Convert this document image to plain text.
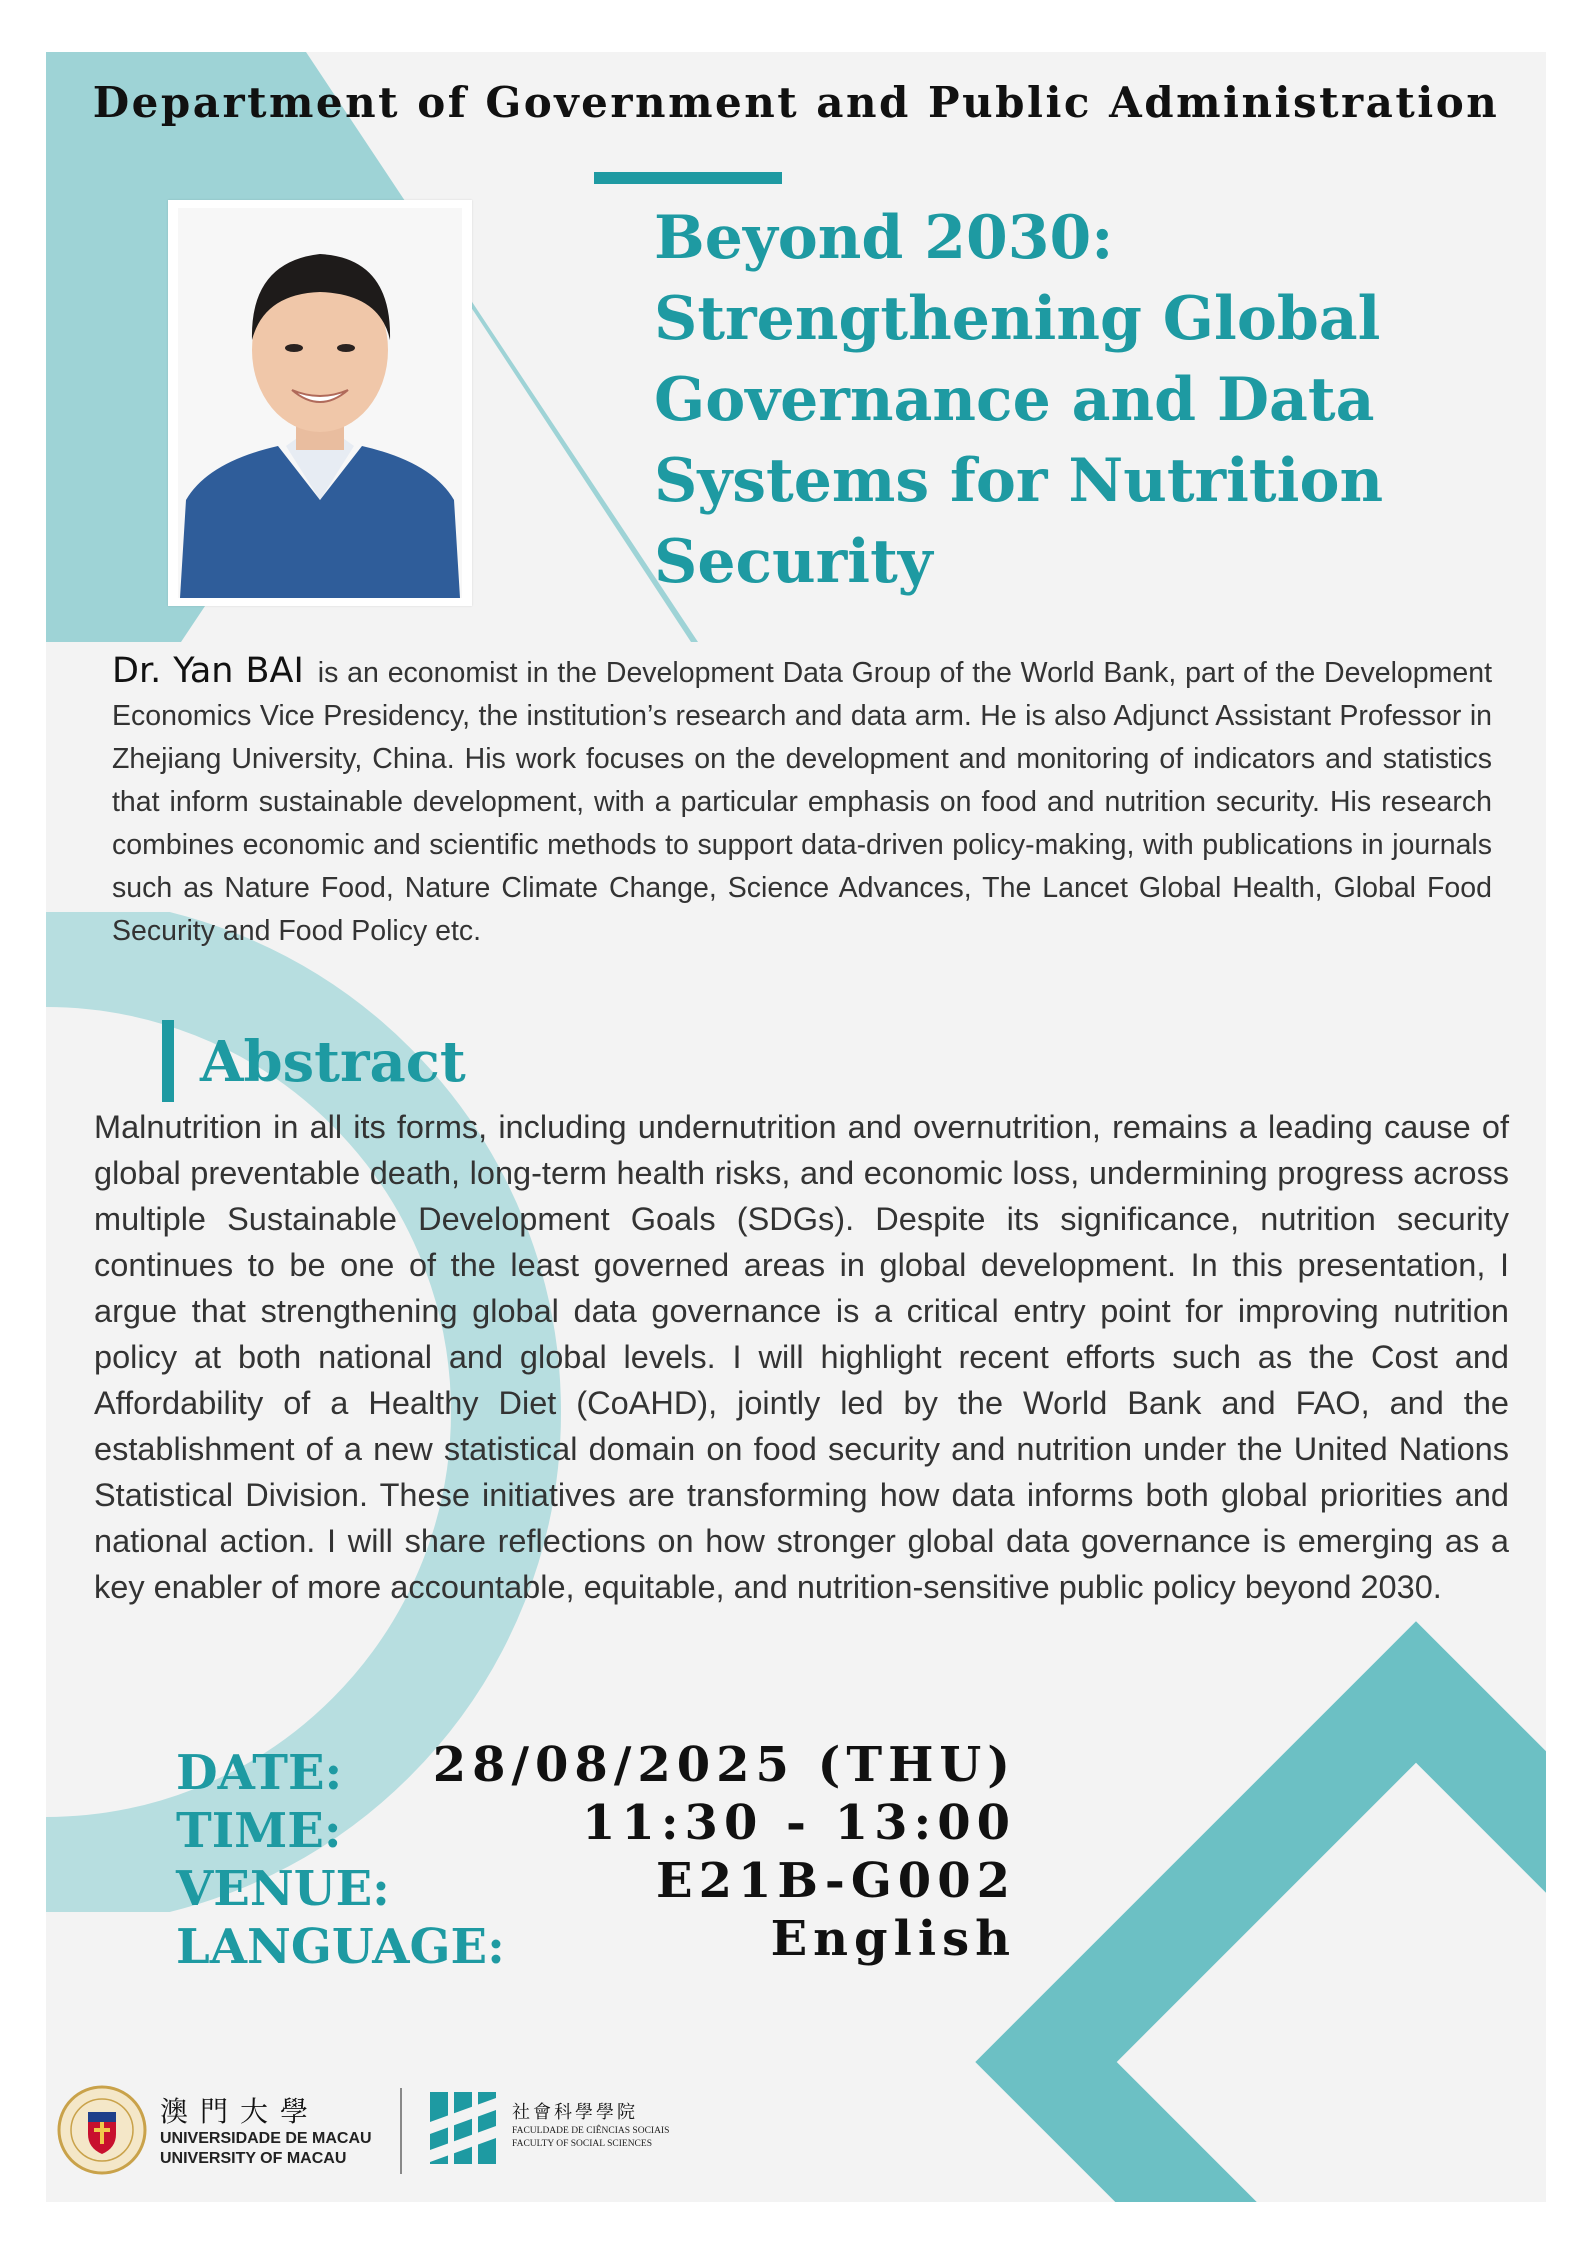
Department of Government and Public Administration
Beyond 2030: Strengthening Global Governance and Data Systems for Nutrition Security
Dr. Yan BAI is an economist in the Development Data Group of the World Bank, part of the Development Economics Vice Presidency, the institution’s research and data arm. He is also Adjunct Assistant Professor in Zhejiang University, China. His work focuses on the development and monitoring of indicators and statistics that inform sustainable development, with a particular emphasis on food and nutrition security. His research combines economic and scientific methods to support data-driven policy-making, with publications in journals such as Nature Food, Nature Climate Change, Science Advances, The Lancet Global Health, Global Food Security and Food Policy etc.
Abstract
Malnutrition in all its forms, including undernutrition and overnutrition, remains a leading cause of global preventable death, long-term health risks, and economic loss, undermining progress across multiple Sustainable Development Goals (SDGs). Despite its significance, nutrition security continues to be one of the least governed areas in global development. In this presentation, I argue that strengthening global data governance is a critical entry point for improving nutrition policy at both national and global levels. I will highlight recent efforts such as the Cost and Affordability of a Healthy Diet (CoAHD), jointly led by the World Bank and FAO, and the establishment of a new statistical domain on food security and nutrition under the United Nations Statistical Division. These initiatives are transforming how data informs both global priorities and national action. I will share reflections on how stronger global data governance is emerging as a key enabler of more accountable, equitable, and nutrition-sensitive public policy beyond 2030.
DATE: 28/08/2025 (THU)
TIME:	11:30 - 13:00
VENUE:	E21B-G002
LANGUAGE:	English
澳門大學
UNIVERSIDADE DE MACAU
UNIVERSITY OF MACAU
社會科學學院
FACULDADE DE CIÊNCIAS SOCIAIS
FACULTY OF SOCIAL SCIENCES
